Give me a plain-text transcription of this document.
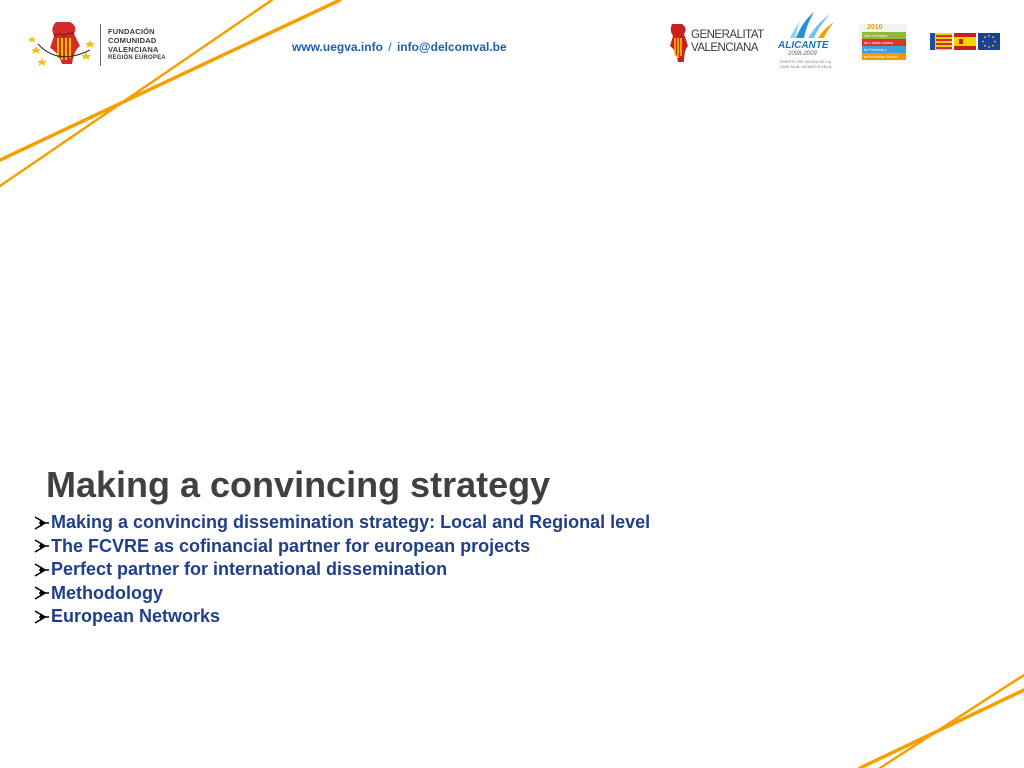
FUNDACIÓN
COMUNIDAD
VALENCIANA
REGIÓN EUROPEA
www.uegva.info / info@delcomval.be
GENERALITAT
VALENCIANA	ALICANTE
2008-2009
PUERTO DE SALIDA DE LA VUELTA AL MUNDO A VELA
2010
Año Europeo
de Lucha contra
la Pobreza y
la Exclusión Social
Making a convincing strategy
Making a convincing dissemination strategy: Local and Regional level
The FCVRE as cofinancial partner for european projects
Perfect partner for international dissemination
Methodology
European Networks
